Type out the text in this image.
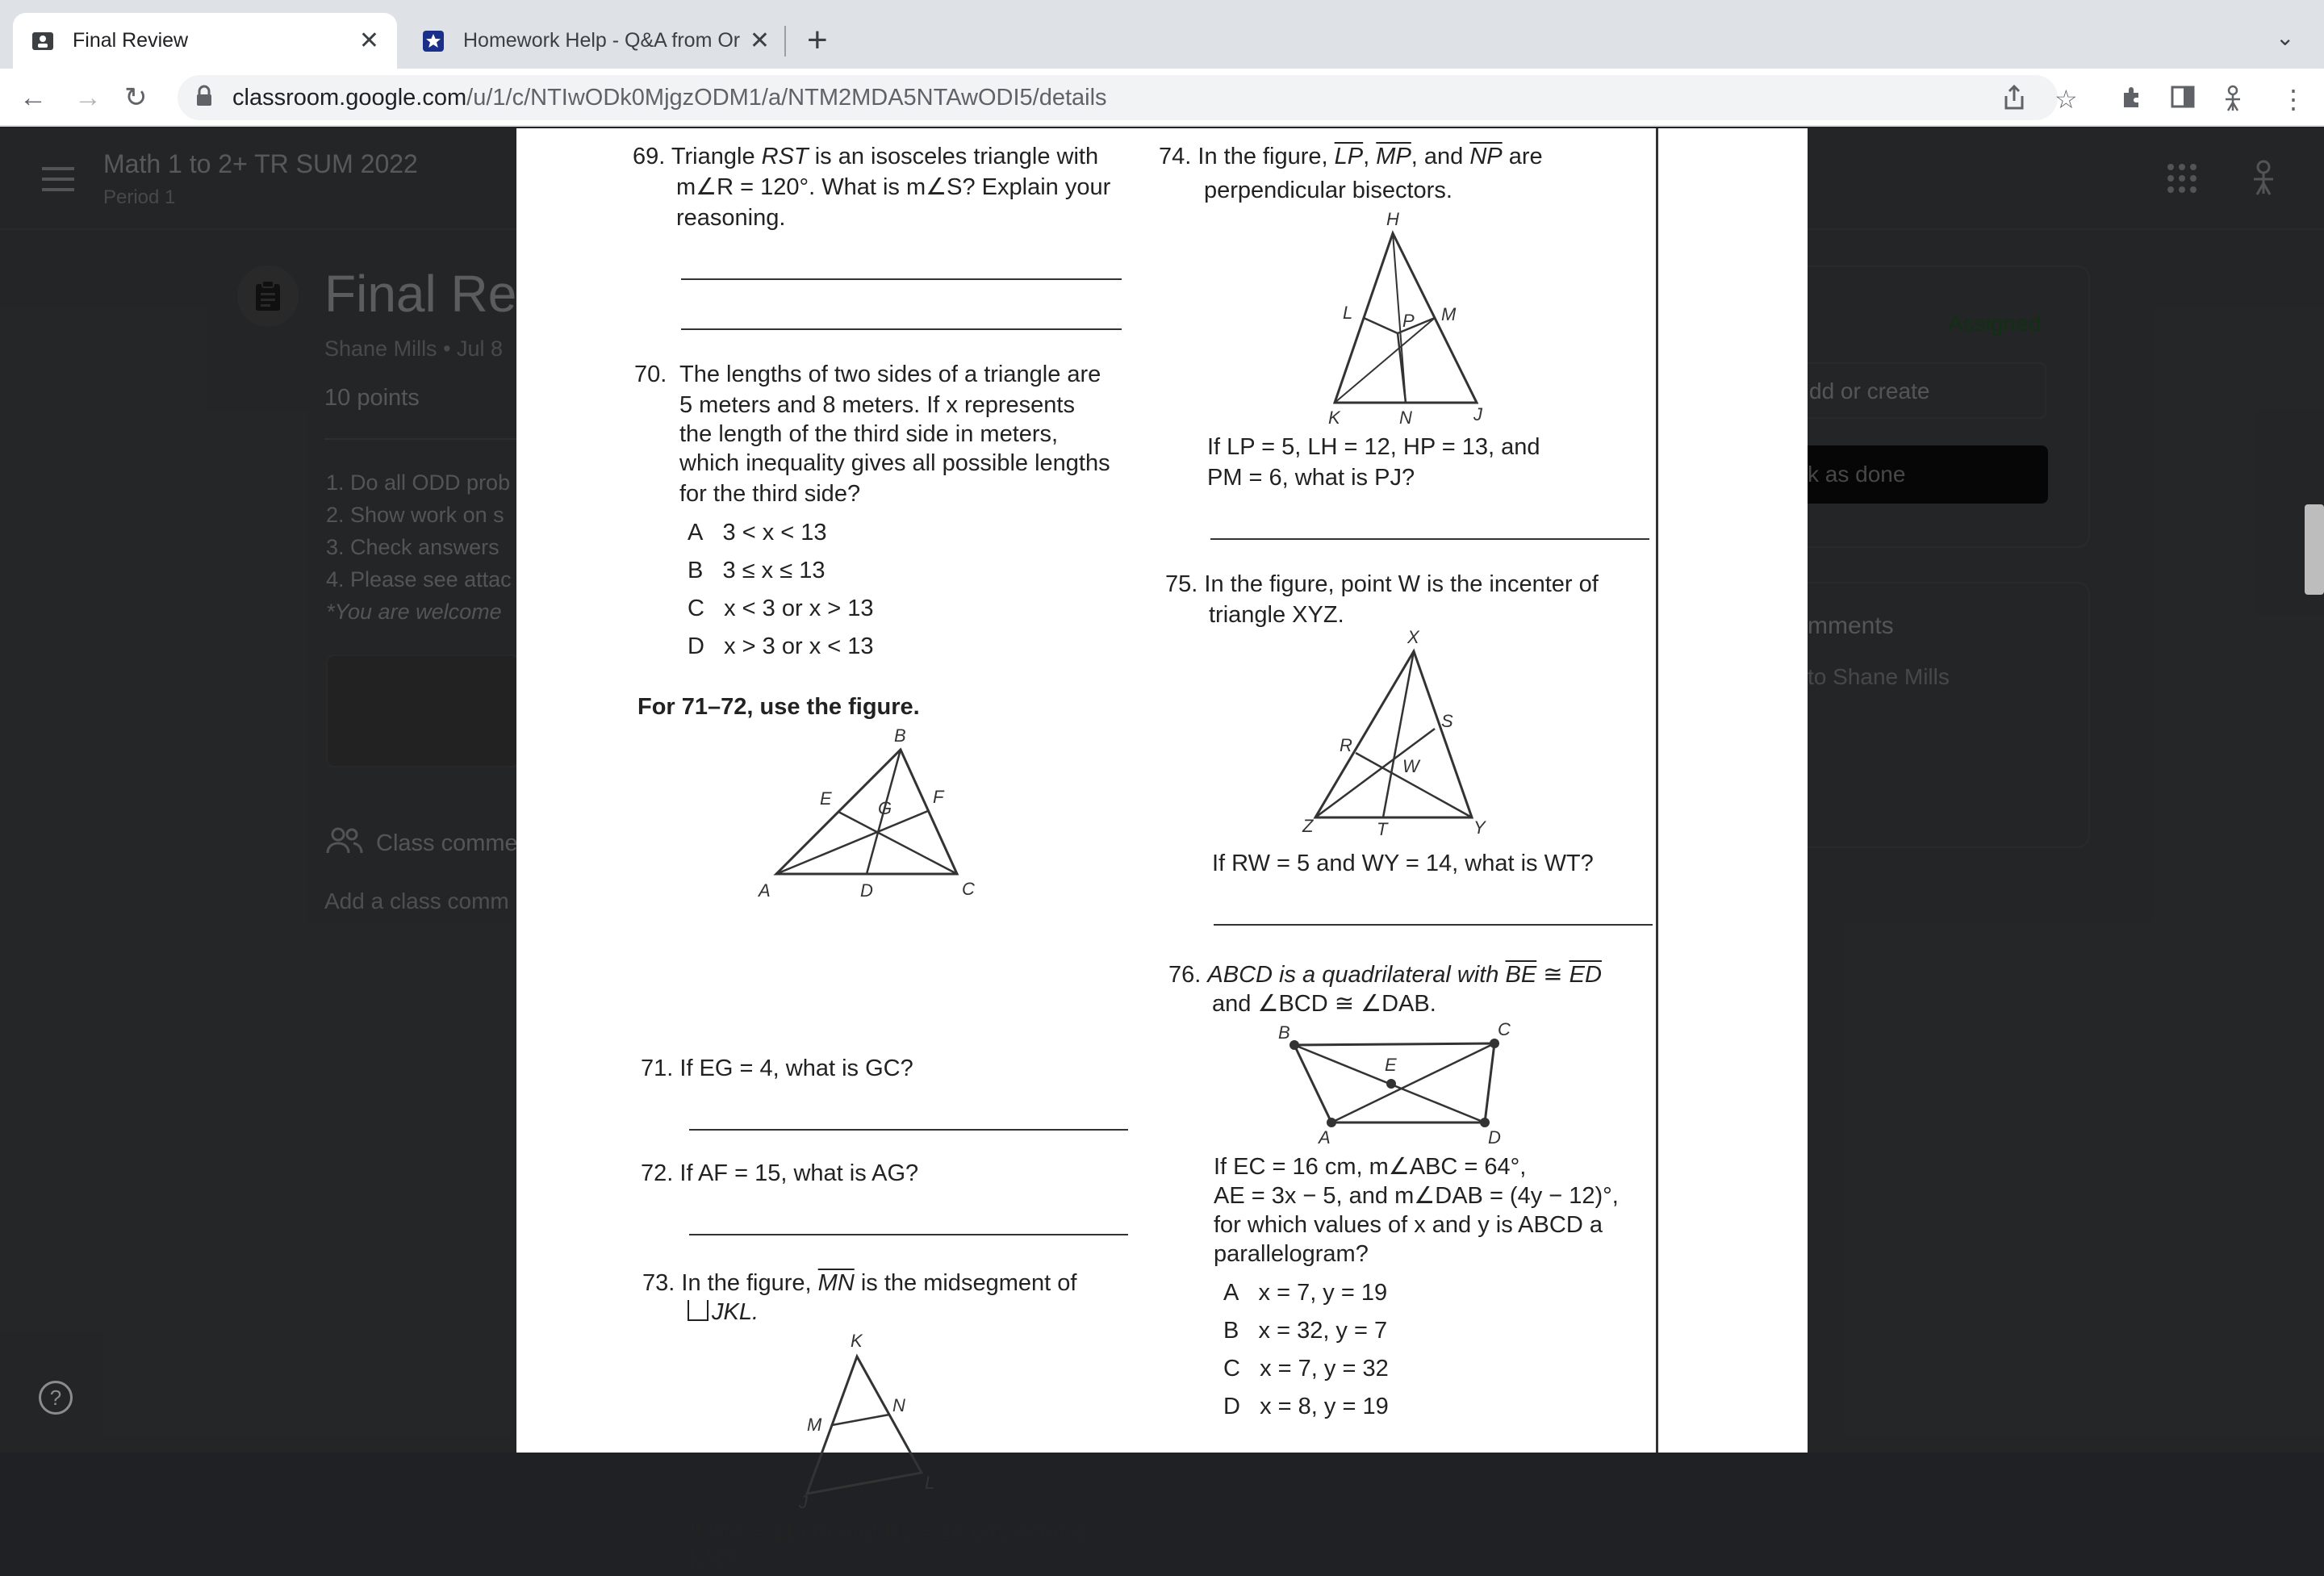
Final Review	✕	Homework Help - Q&A from Or ✕ +	⌄
← → ↻	classroom.google.com/u/1/c/NTIwODk0MjgzODM1/a/NTM2MDA5NTAwODI5/details	☆	⋮
?
69. Triangle RST is an isosceles triangle with
m∠R = 120°. What is m∠S? Explain your
reasoning.
70. The lengths of two sides of a triangle are
5 meters and 8 meters. If x represents
the length of the third side in meters,
which inequality gives all possible lengths
for the third side?
A 3 < x < 13
B 3 ≤ x ≤ 13
C x < 3 or x > 13
D x > 3 or x < 13
For 71–72, use the figure.
A
B
C
D
E	F
G
71. If EG = 4, what is GC?
72. If AF = 15, what is AG?
73. In the figure, $\overline{MN}$ is the midsegment of
JKL.
K
M
N
J
L
If KM = 11 cm and KL = 24 cm, what is
KN?
74. In the figure, $\overline{LP}$, $\overline{MP}$, and $\overline{NP}$ are
perpendicular bisectors.
H
L	P M
K	N	J
If LP = 5, LH = 12, HP = 13, and
PM = 6, what is PJ?
75. In the figure, point W is the incenter of
triangle XYZ.
X
R
S
W
Z	T	Y
If RW = 5 and WY = 14, what is WT?
76. ABCD is a quadrilateral with $\overline{BE}$ ≅ $\overline{ED}$
and ∠BCD ≅ ∠DAB.
B	C
E
A	D
If EC = 16 cm, m∠ABC = 64°,
AE = 3x − 5, and m∠DAB = (4y − 12)°,
for which values of x and y is ABCD a
parallelogram?
A x = 7, y = 19
B x = 32, y = 7
C x = 7, y = 32
D x = 8, y = 19
